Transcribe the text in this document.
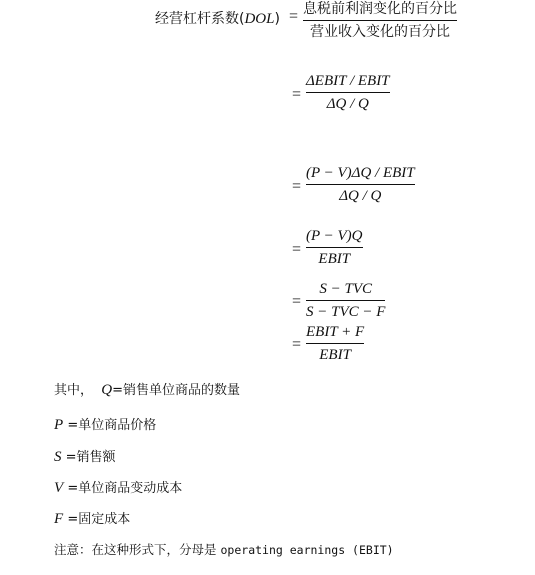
经营杠杆系数(DOL) = 息税前利润变化的百分比
营业收入变化的百分比
=
ΔEBIT / EBIT
ΔQ / Q
=
(P − V)ΔQ / EBIT
ΔQ / Q
=
(P − V)Q
EBIT
=
S − TVC
S − TVC − F
=
EBIT + F
EBIT
其中， Q=销售单位商品的数量
P =单位商品价格
S =销售额
V =单位商品变动成本
F =固定成本
注意：在这种形式下，分母是 operating earnings (EBIT)
